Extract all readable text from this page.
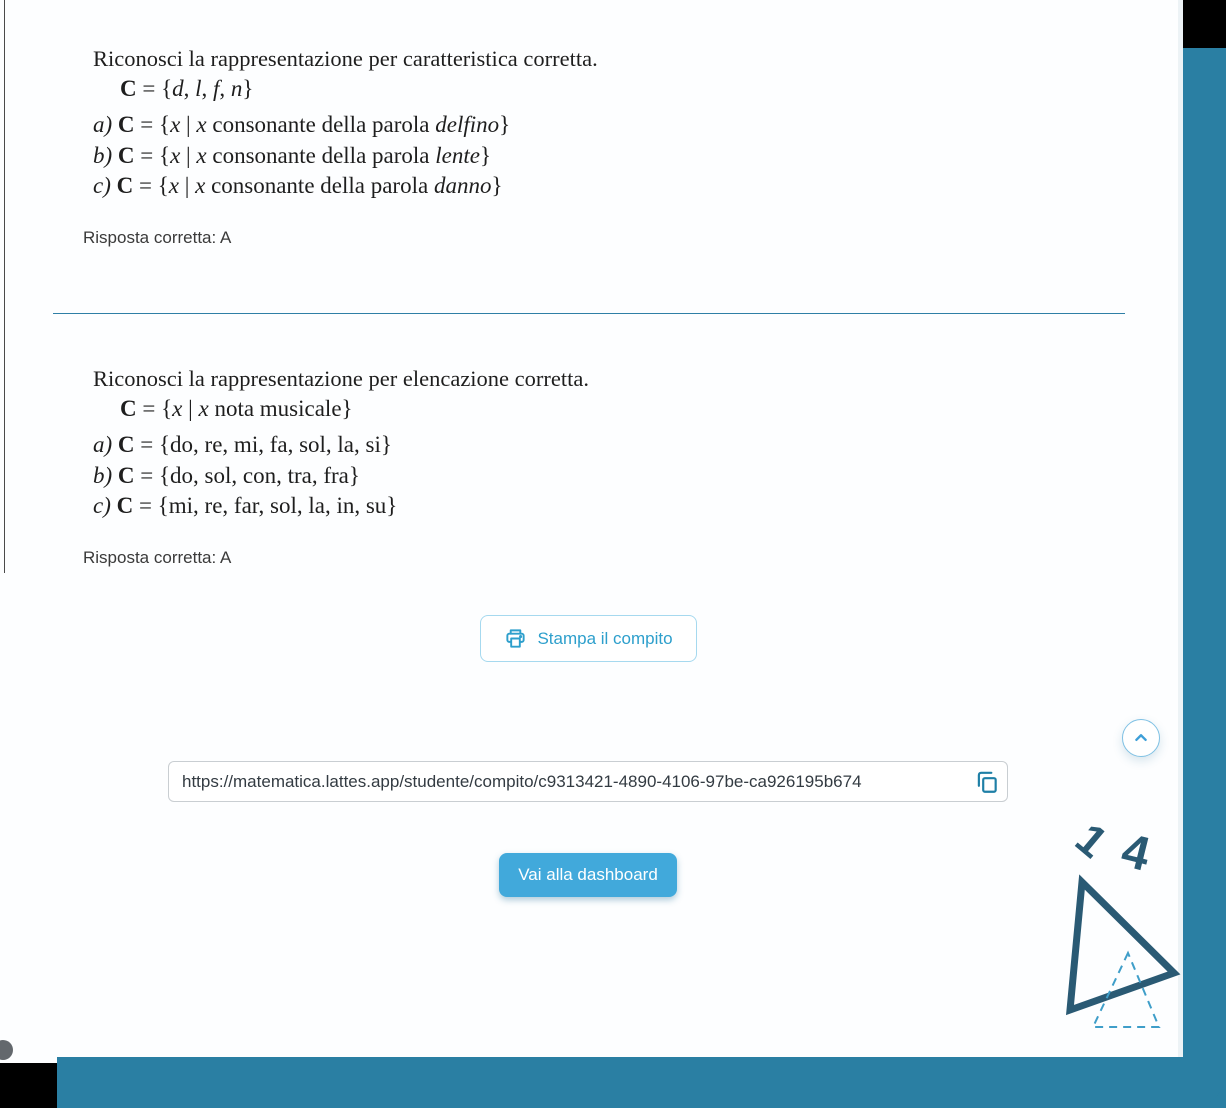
Riconosci la rappresentazione per caratteristica corretta.
C = {d, l, f, n}
a) C = {x | x consonante della parola delfino}
b) C = {x | x consonante della parola lente}
c) C = {x | x consonante della parola danno}
Risposta corretta: A
Riconosci la rappresentazione per elencazione corretta.
C = {x | x nota musicale}
a) C = {do, re, mi, fa, sol, la, si}
b) C = {do, sol, con, tra, fra}
c) C = {mi, re, far, sol, la, in, su}
Risposta corretta: A
Stampa il compito
https://matematica.lattes.app/studente/compito/c9313421-4890-4106-97be-ca926195b674
Vai alla dashboard
1 4
